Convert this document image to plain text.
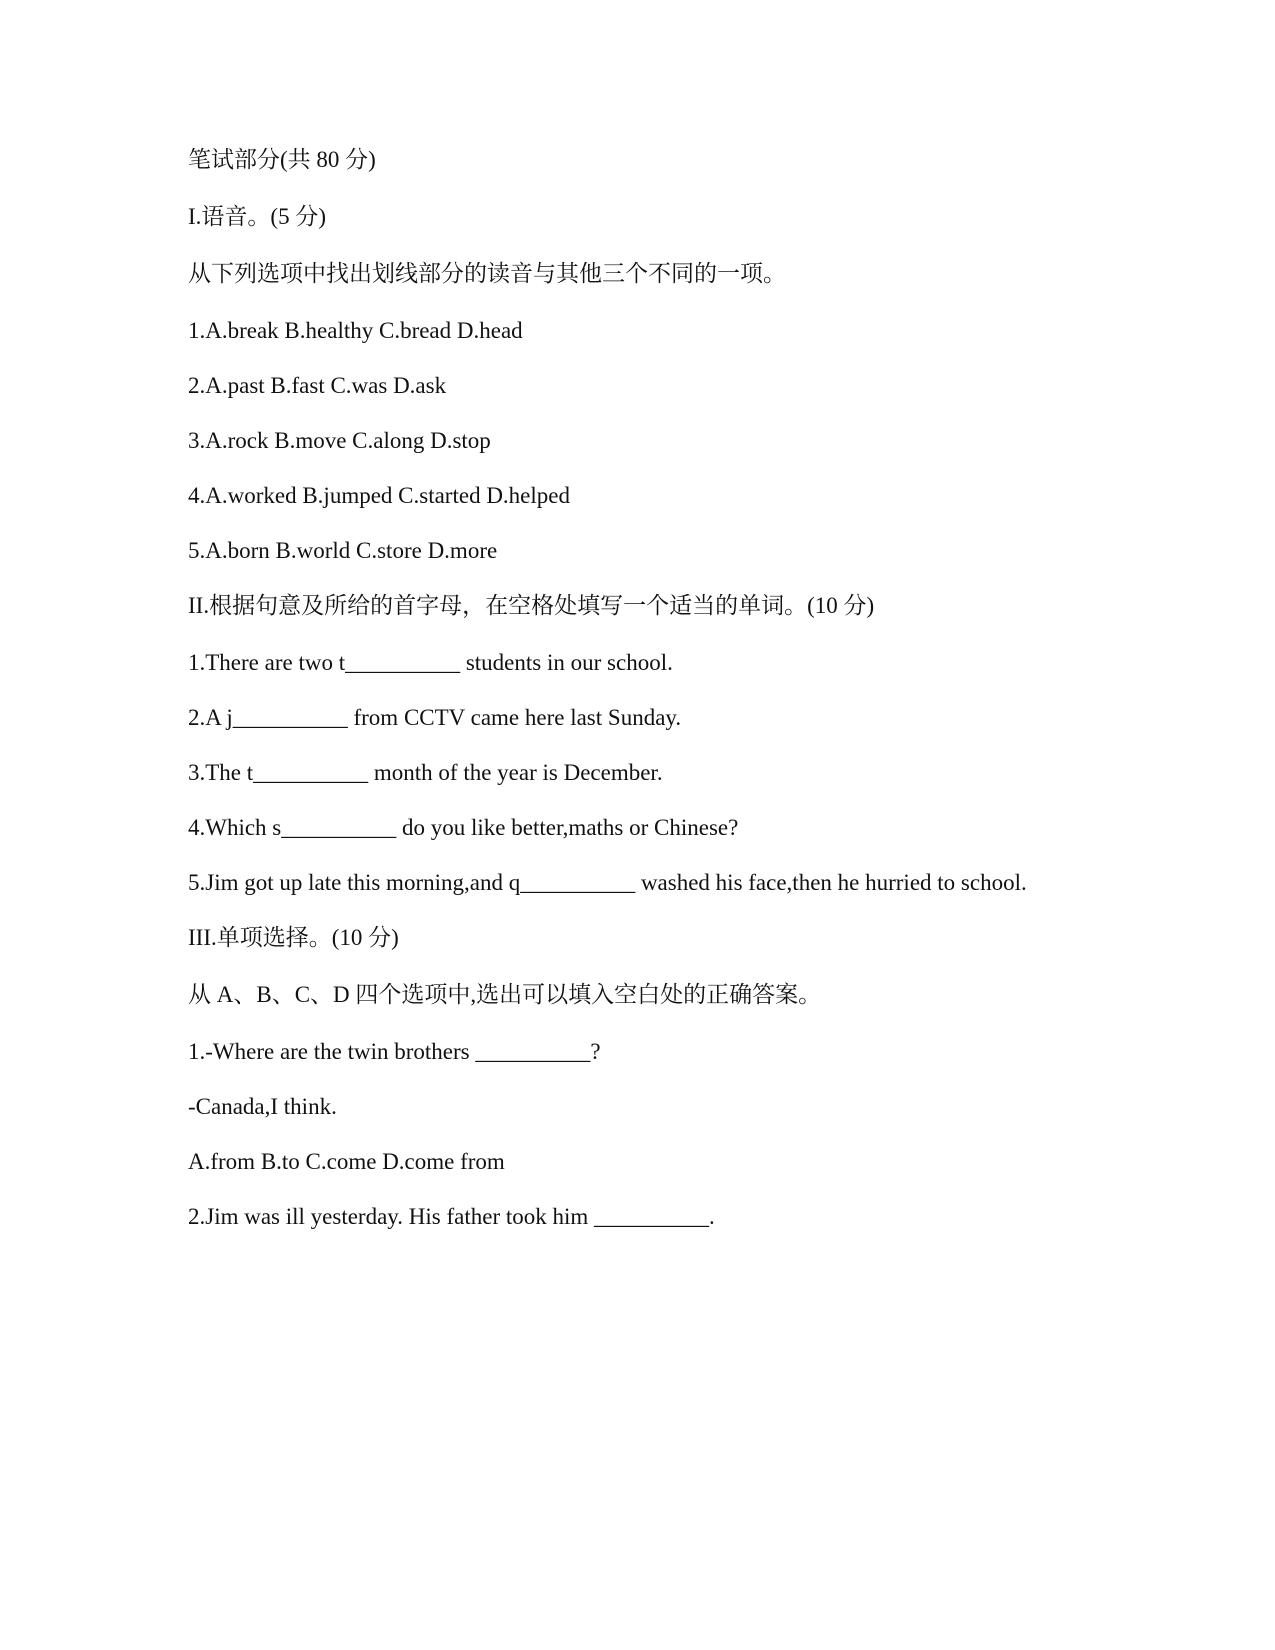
笔试部分(共 80 分)
I.语音。(5 分)
从下列选项中找出划线部分的读音与其他三个不同的一项。
1.A.break B.healthy C.bread D.head
2.A.past B.fast C.was D.ask
3.A.rock B.move C.along D.stop
4.A.worked B.jumped C.started D.helped
5.A.born B.world C.store D.more
II.根据句意及所给的首字母，在空格处填写一个适当的单词。(10 分)
1.There are two t__________ students in our school.
2.A j__________ from CCTV came here last Sunday.
3.The t__________ month of the year is December.
4.Which s__________ do you like better,maths or Chinese?
5.Jim got up late this morning,and q__________ washed his face,then he hurried to school.
III.单项选择。(10 分)
从 A、B、C、D 四个选项中,选出可以填入空白处的正确答案。
1.-Where are the twin brothers __________?
-Canada,I think.
A.from B.to C.come D.come from
2.Jim was ill yesterday. His father took him __________.
